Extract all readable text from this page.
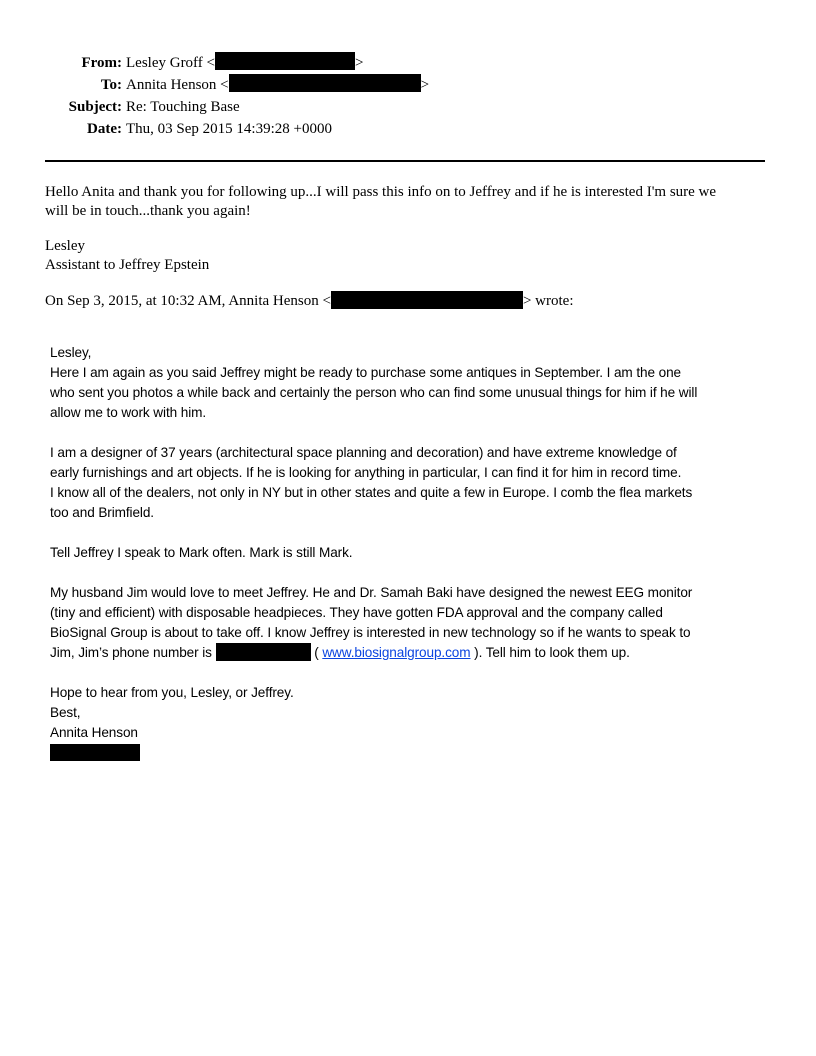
From: Lesley Groff <	>
To: Annita Henson <	>
Subject: Re: Touching Base
Date: Thu, 03 Sep 2015 14:39:28 +0000
Hello Anita and thank you for following up...I will pass this info on to Jeffrey and if he is interested I'm sure we
will be in touch...thank you again!
Lesley
Assistant to Jeffrey Epstein
On Sep 3, 2015, at 10:32 AM, Annita Henson <	> wrote:
Lesley,
Here I am again as you said Jeffrey might be ready to purchase some antiques in September. I am the one
who sent you photos a while back and certainly the person who can find some unusual things for him if he will
allow me to work with him.
I am a designer of 37 years (architectural space planning and decoration) and have extreme knowledge of
early furnishings and art objects. If he is looking for anything in particular, I can find it for him in record time.
I know all of the dealers, not only in NY but in other states and quite a few in Europe. I comb the flea markets
too and Brimfield.
Tell Jeffrey I speak to Mark often. Mark is still Mark.
My husband Jim would love to meet Jeffrey. He and Dr. Samah Baki have designed the newest EEG monitor
(tiny and efficient) with disposable headpieces. They have gotten FDA approval and the company called
BioSignal Group is about to take off. I know Jeffrey is interested in new technology so if he wants to speak to
Jim, Jim’s phone number is	( www.biosignalgroup.com ). Tell him to look them up.
Hope to hear from you, Lesley, or Jeffrey.
Best,
Annita Henson
